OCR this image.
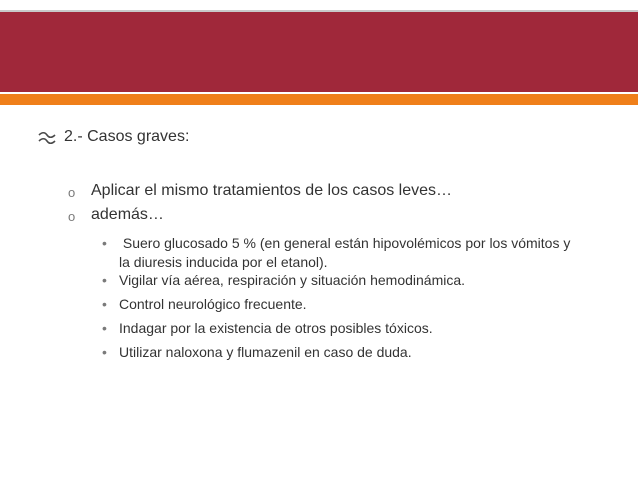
2.- Casos graves:
o Aplicar el mismo tratamientos de los casos leves…
o además…
• Suero glucosado 5 % (en general están hipovolémicos por los vómitos y la diuresis inducida por el etanol).
• Vigilar vía aérea, respiración y situación hemodinámica.
• Control neurológico frecuente.
• Indagar por la existencia de otros posibles tóxicos.
• Utilizar naloxona y flumazenil en caso de duda.
